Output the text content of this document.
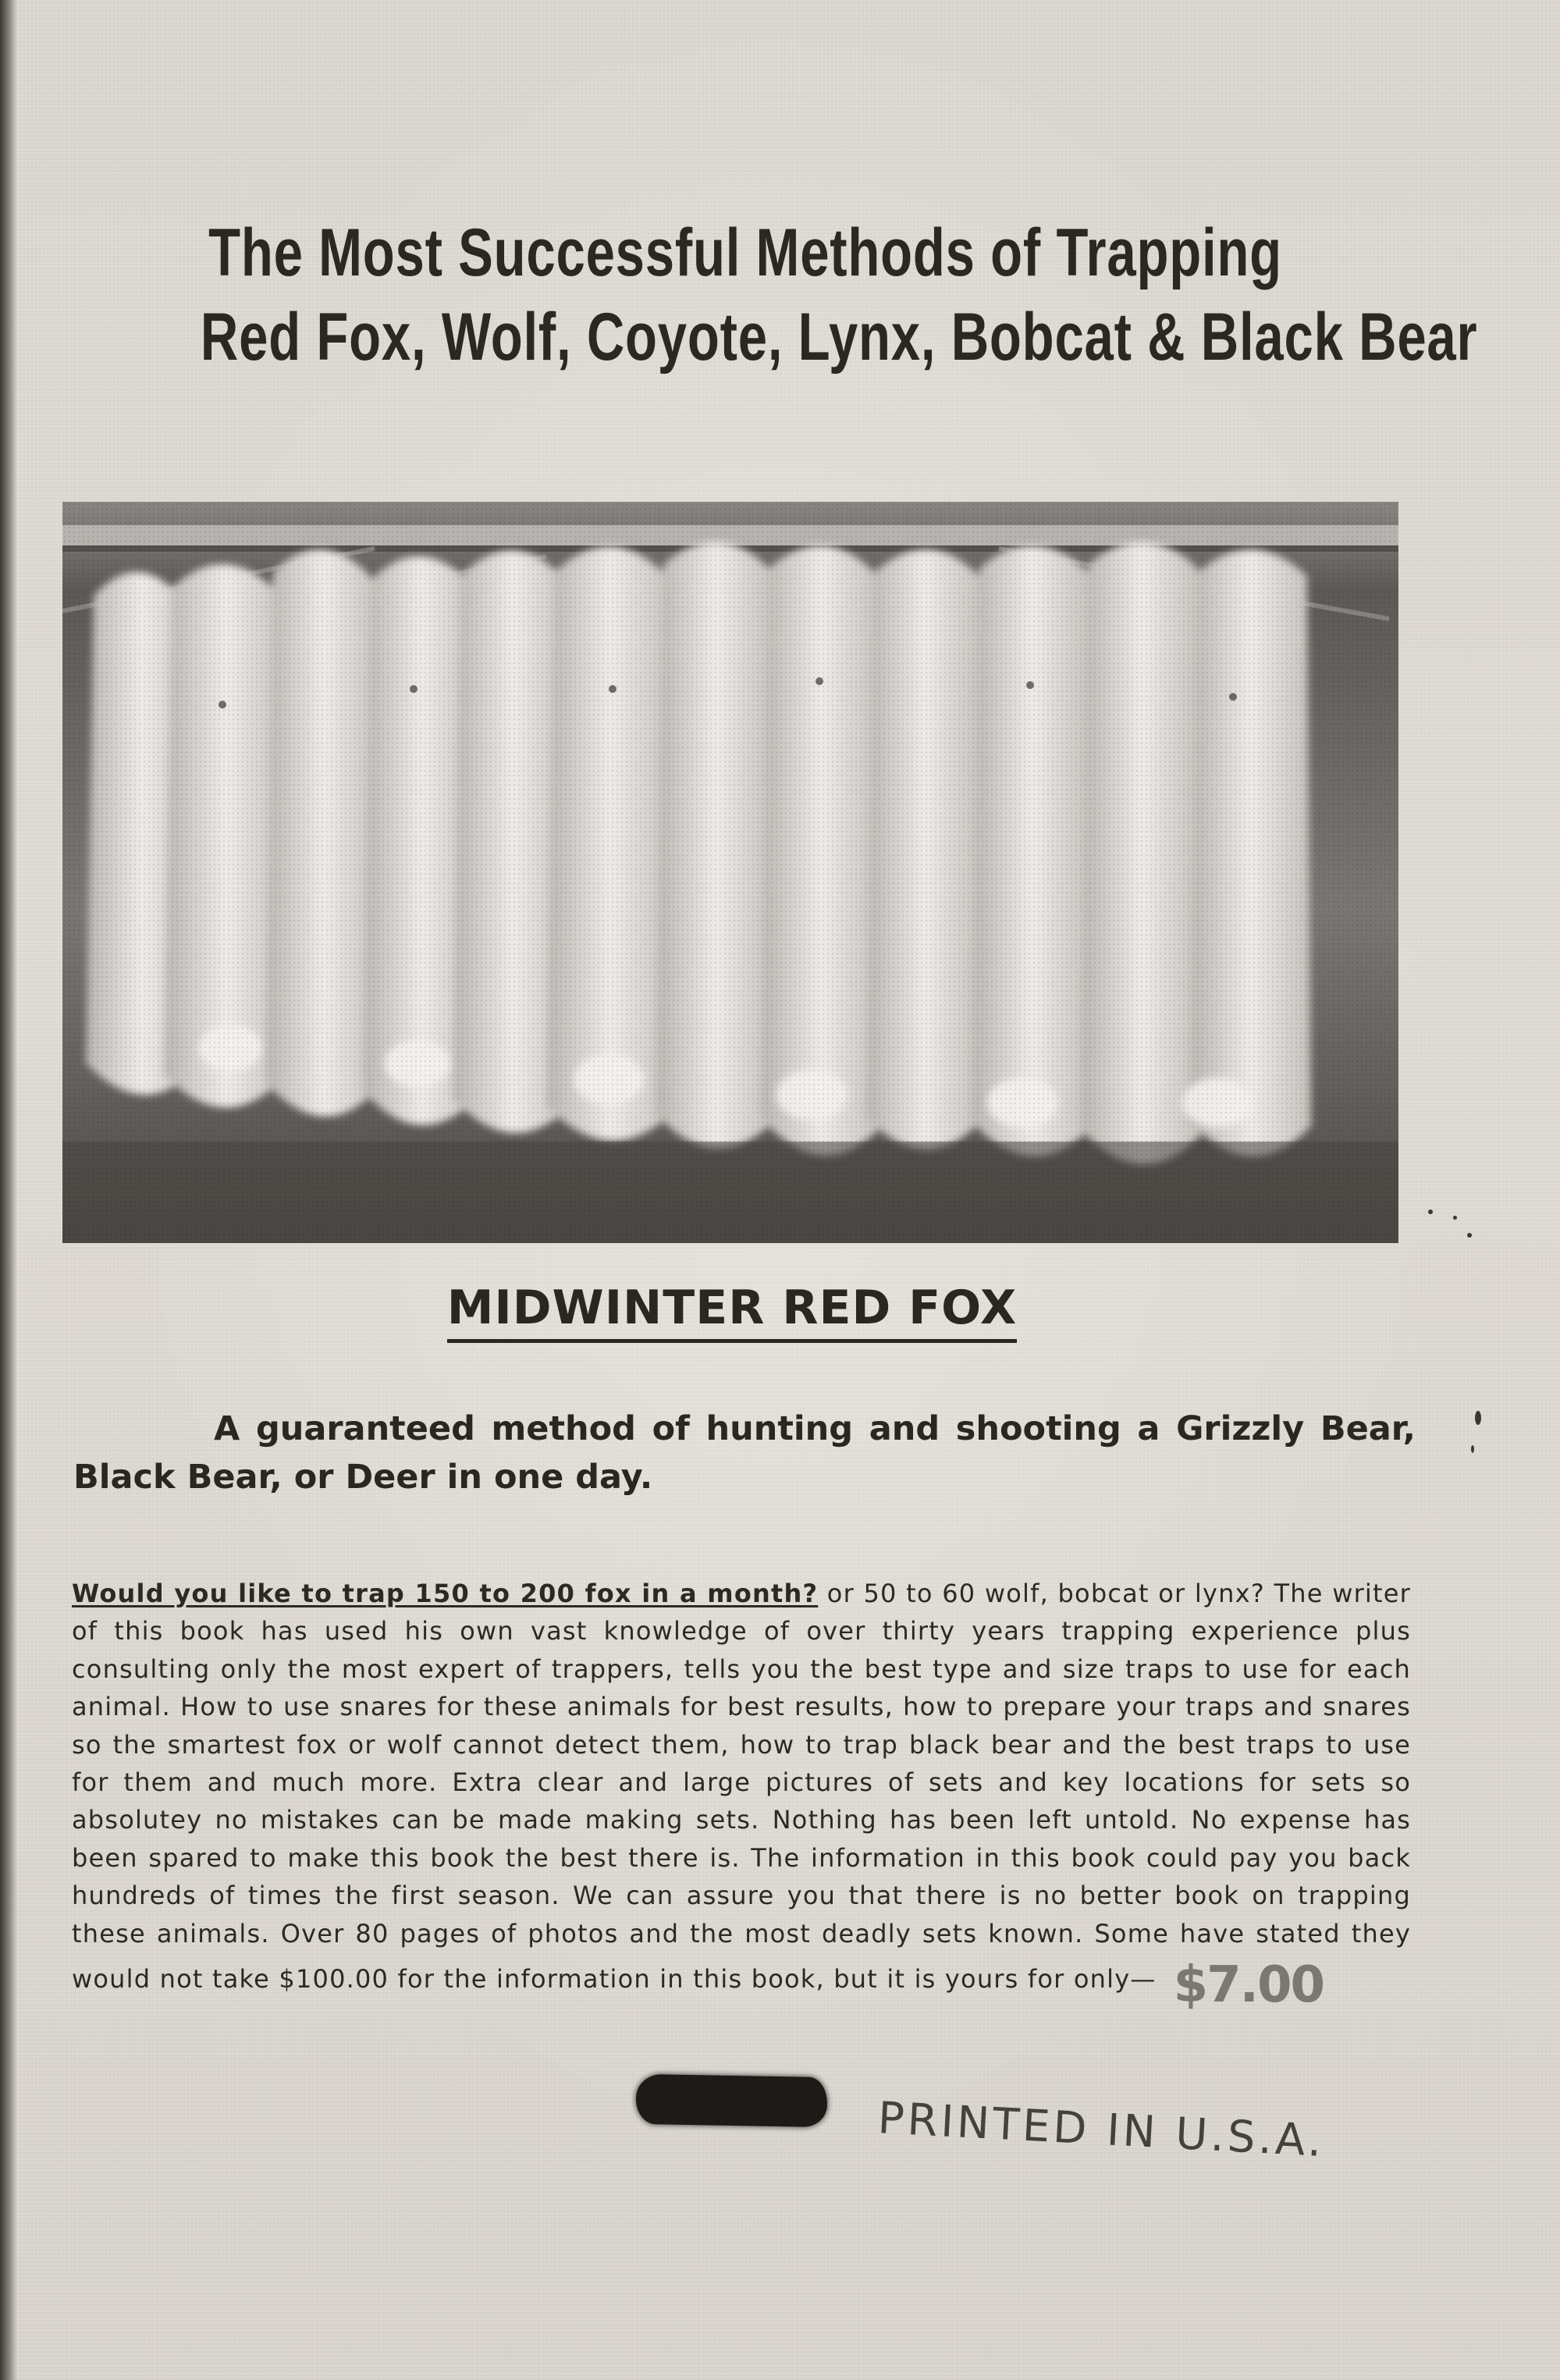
The Most Successful Methods of Trapping
Red Fox, Wolf, Coyote, Lynx, Bobcat & Black Bear
MIDWINTER RED FOX

A guaranteed method of hunting and shooting a Grizzly Bear, Black Bear, or Deer in one day.

Would you like to trap 150 to 200 fox in a month? or 50 to 60 wolf, bobcat or lynx? The writer of this book has used his own vast knowledge of over thirty years trapping experience plus consulting only the most expert of trappers, tells you the best type and size traps to use for each animal. How to use snares for these animals for best results, how to prepare your traps and snares so the smartest fox or wolf cannot detect them, how to trap black bear and the best traps to use for them and much more. Extra clear and large pictures of sets and key locations for sets so absolutey no mistakes can be made making sets. Nothing has been left untold. No expense has been spared to make this book the best there is. The information in this book could pay you back hundreds of times the first season. We can assure you that there is no better book on trapping these animals. Over 80 pages of photos and the most deadly sets known. Some have stated they would not take $100.00 for the information in this book, but it is yours for only— $7.00

PRINTED IN U.S.A.
